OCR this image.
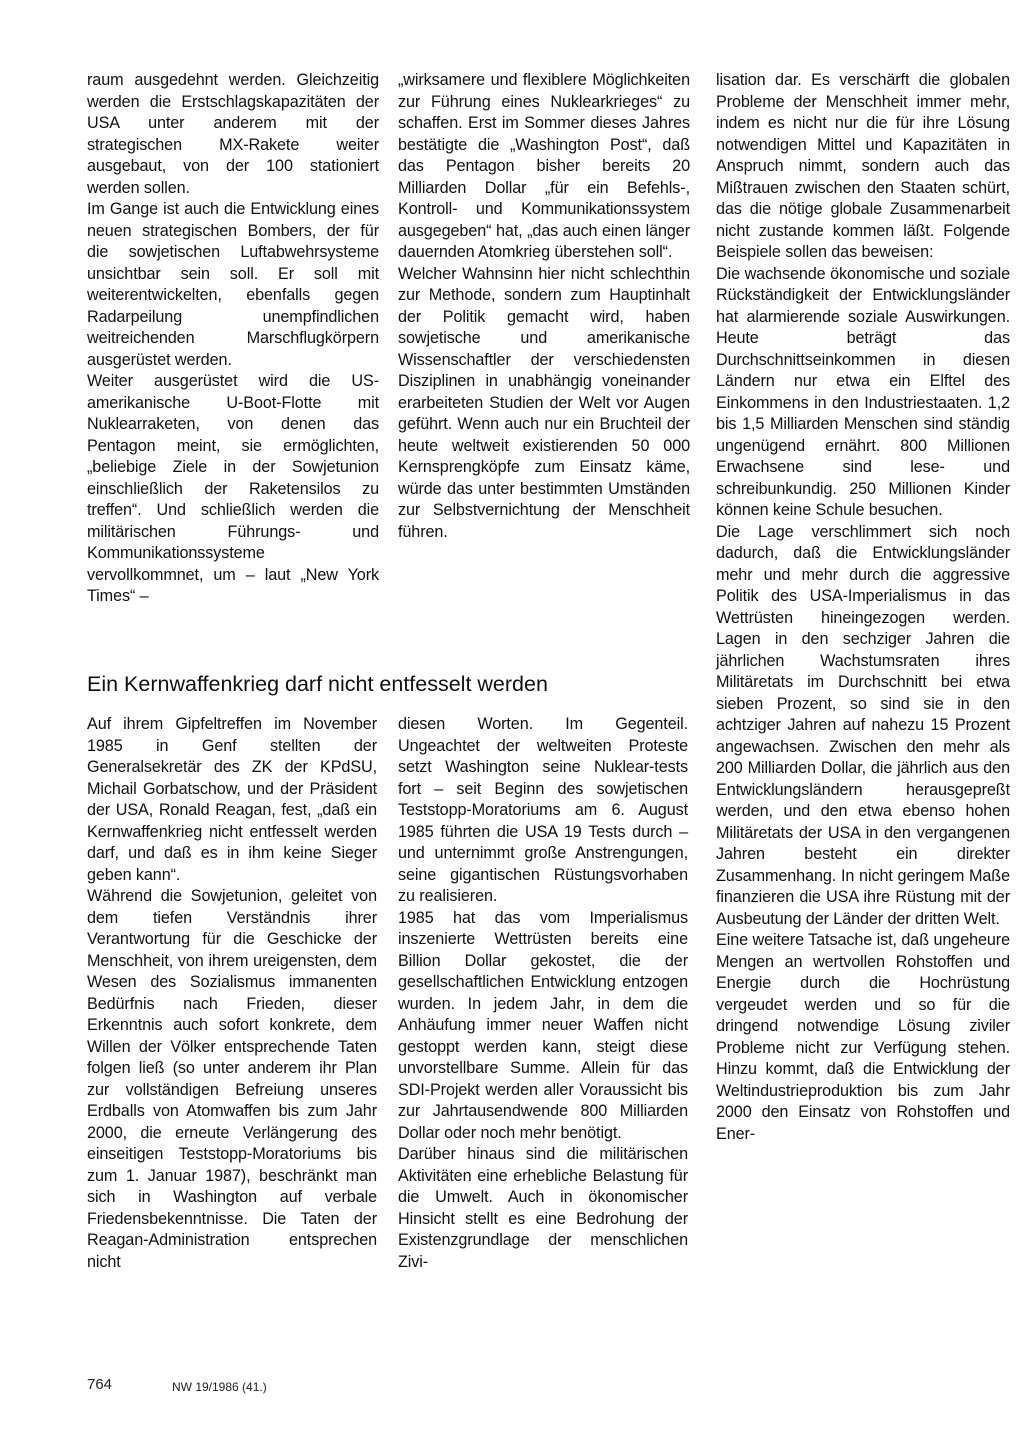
raum ausgedehnt werden. Gleichzeitig werden die Erstschlagskapazitäten der USA unter anderem mit der strategischen MX-Rakete weiter ausgebaut, von der 100 stationiert werden sollen.

Im Gange ist auch die Entwicklung eines neuen strategischen Bombers, der für die sowjetischen Luftabwehrsysteme unsichtbar sein soll. Er soll mit weiterentwickelten, ebenfalls gegen Radarpeilung unempfindlichen weitreichenden Marschflugkörpern ausgerüstet werden.

Weiter ausgerüstet wird die US-amerikanische U-Boot-Flotte mit Nuklearraketen, von denen das Pentagon meint, sie ermöglichten, „beliebige Ziele in der Sowjetunion einschließlich der Raketensilos zu treffen“. Und schließlich werden die militärischen Führungs- und Kommunikationssysteme vervollkommnet, um – laut „New York Times“ –

„wirksamere und flexiblere Möglichkeiten zur Führung eines Nuklearkrieges“ zu schaffen. Erst im Sommer dieses Jahres bestätigte die „Washington Post“, daß das Pentagon bisher bereits 20 Milliarden Dollar „für ein Befehls-, Kontroll- und Kommunikationssystem ausgegeben“ hat, „das auch einen länger dauernden Atomkrieg überstehen soll“.

Welcher Wahnsinn hier nicht schlechthin zur Methode, sondern zum Hauptinhalt der Politik gemacht wird, haben sowjetische und amerikanische Wissenschaftler der verschiedensten Disziplinen in unabhängig voneinander erarbeiteten Studien der Welt vor Augen geführt. Wenn auch nur ein Bruchteil der heute weltweit existierenden 50 000 Kernsprengköpfe zum Einsatz käme, würde das unter bestimmten Umständen zur Selbstvernichtung der Menschheit führen.

lisation dar. Es verschärft die globalen Probleme der Menschheit immer mehr, indem es nicht nur die für ihre Lösung notwendigen Mittel und Kapazitäten in Anspruch nimmt, sondern auch das Mißtrauen zwischen den Staaten schürt, das die nötige globale Zusammenarbeit nicht zustande kommen läßt. Folgende Beispiele sollen das beweisen:

Die wachsende ökonomische und soziale Rückständigkeit der Entwicklungsländer hat alarmierende soziale Auswirkungen. Heute beträgt das Durchschnittseinkommen in diesen Ländern nur etwa ein Elftel des Einkommens in den Industriestaaten. 1,2 bis 1,5 Milliarden Menschen sind ständig ungenügend ernährt. 800 Millionen Erwachsene sind lese- und schreibunkundig. 250 Millionen Kinder können keine Schule besuchen.

Die Lage verschlimmert sich noch dadurch, daß die Entwicklungsländer mehr und mehr durch die aggressive Politik des USA-Imperialismus in das Wettrüsten hineingezogen werden. Lagen in den sechziger Jahren die jährlichen Wachstumsraten ihres Militäretats im Durchschnitt bei etwa sieben Prozent, so sind sie in den achtziger Jahren auf nahezu 15 Prozent angewachsen. Zwischen den mehr als 200 Milliarden Dollar, die jährlich aus den Entwicklungsländern herausgepreßt werden, und den etwa ebenso hohen Militäretats der USA in den vergangenen Jahren besteht ein direkter Zusammenhang. In nicht geringem Maße finanzieren die USA ihre Rüstung mit der Ausbeutung der Länder der dritten Welt.

Eine weitere Tatsache ist, daß ungeheure Mengen an wertvollen Rohstoffen und Energie durch die Hochrüstung vergeudet werden und so für die dringend notwendige Lösung ziviler Probleme nicht zur Verfügung stehen. Hinzu kommt, daß die Entwicklung der Weltindustrieproduktion bis zum Jahr 2000 den Einsatz von Rohstoffen und Ener-

Ein Kernwaffenkrieg darf nicht entfesselt werden

Auf ihrem Gipfeltreffen im November 1985 in Genf stellten der Generalsekretär des ZK der KPdSU, Michail Gorbatschow, und der Präsident der USA, Ronald Reagan, fest, „daß ein Kernwaffenkrieg nicht entfesselt werden darf, und daß es in ihm keine Sieger geben kann“.

Während die Sowjetunion, geleitet von dem tiefen Verständnis ihrer Verantwortung für die Geschicke der Menschheit, von ihrem ureigensten, dem Wesen des Sozialismus immanenten Bedürfnis nach Frieden, dieser Erkenntnis auch sofort konkrete, dem Willen der Völker entsprechende Taten folgen ließ (so unter anderem ihr Plan zur vollständigen Befreiung unseres Erdballs von Atomwaffen bis zum Jahr 2000, die erneute Verlängerung des einseitigen Teststopp-Moratoriums bis zum 1. Januar 1987), beschränkt man sich in Washington auf verbale Friedensbekenntnisse. Die Taten der Reagan-Administration entsprechen nicht

diesen Worten. Im Gegenteil. Ungeachtet der weltweiten Proteste setzt Washington seine Nuklear-tests fort – seit Beginn des sowjetischen Teststopp-Moratoriums am 6. August 1985 führten die USA 19 Tests durch – und unternimmt große Anstrengungen, seine gigantischen Rüstungsvorhaben zu realisieren.

1985 hat das vom Imperialismus inszenierte Wettrüsten bereits eine Billion Dollar gekostet, die der gesellschaftlichen Entwicklung entzogen wurden. In jedem Jahr, in dem die Anhäufung immer neuer Waffen nicht gestoppt werden kann, steigt diese unvorstellbare Summe. Allein für das SDI-Projekt werden aller Voraussicht bis zur Jahrtausendwende 800 Milliarden Dollar oder noch mehr benötigt.

Darüber hinaus sind die militärischen Aktivitäten eine erhebliche Belastung für die Umwelt. Auch in ökonomischer Hinsicht stellt es eine Bedrohung der Existenzgrundlage der menschlichen Zivi-

764	NW 19/1986 (41.)
